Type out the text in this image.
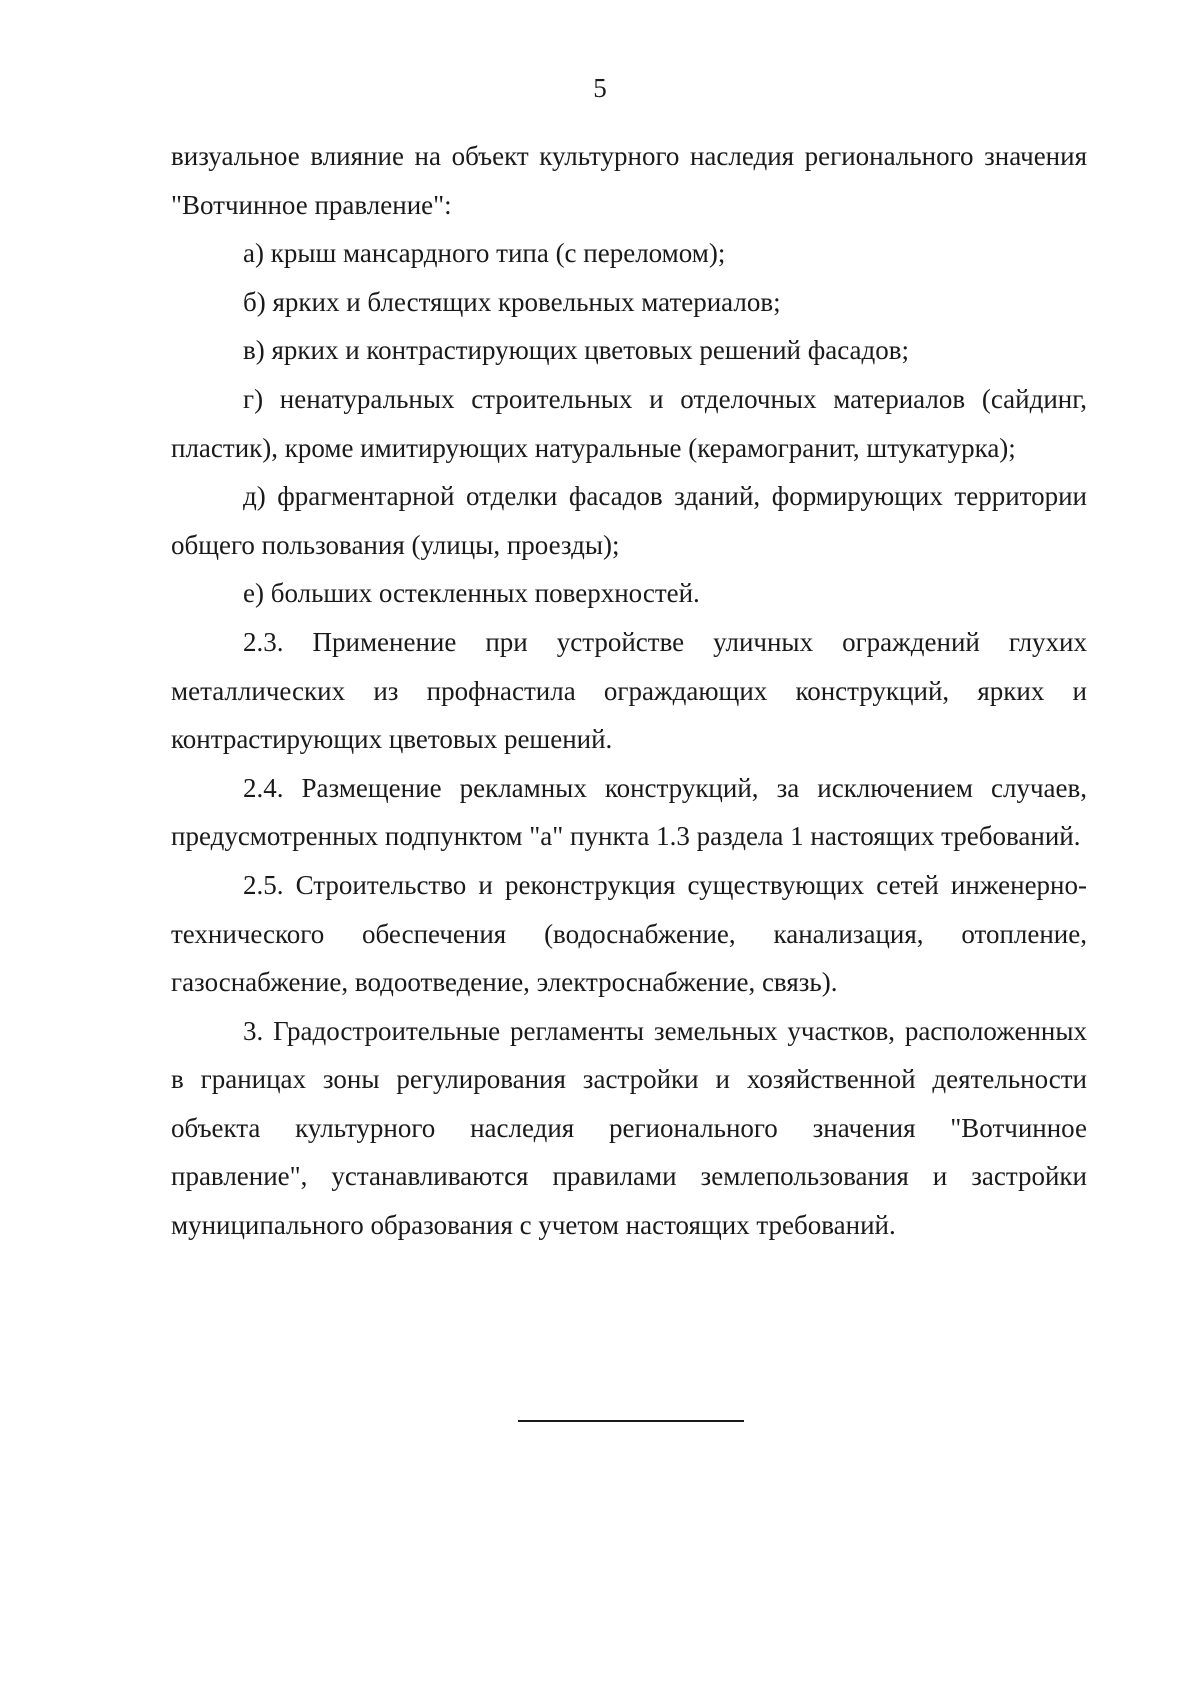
5

визуальное влияние на объект культурного наследия регионального значения "Вотчинное правление":

а) крыш мансардного типа (с переломом);

б) ярких и блестящих кровельных материалов;

в) ярких и контрастирующих цветовых решений фасадов;

г) ненатуральных строительных и отделочных материалов (сайдинг, пластик), кроме имитирующих натуральные (керамогранит, штукатурка);

д) фрагментарной отделки фасадов зданий, формирующих территории общего пользования (улицы, проезды);

е) больших остекленных поверхностей.

2.3. Применение при устройстве уличных ограждений глухих металлических из профнастила ограждающих конструкций, ярких и контрастирующих цветовых решений.

2.4. Размещение рекламных конструкций, за исключением случаев, предусмотренных подпунктом "а" пункта 1.3 раздела 1 настоящих требований.

2.5. Строительство и реконструкция существующих сетей инженерно-технического обеспечения (водоснабжение, канализация, отопление, газоснабжение, водоотведение, электроснабжение, связь).

3. Градостроительные регламенты земельных участков, расположенных в границах зоны регулирования застройки и хозяйственной деятельности объекта культурного наследия регионального значения "Вотчинное правление", устанавливаются правилами землепользования и застройки муниципального образования с учетом настоящих требований.
